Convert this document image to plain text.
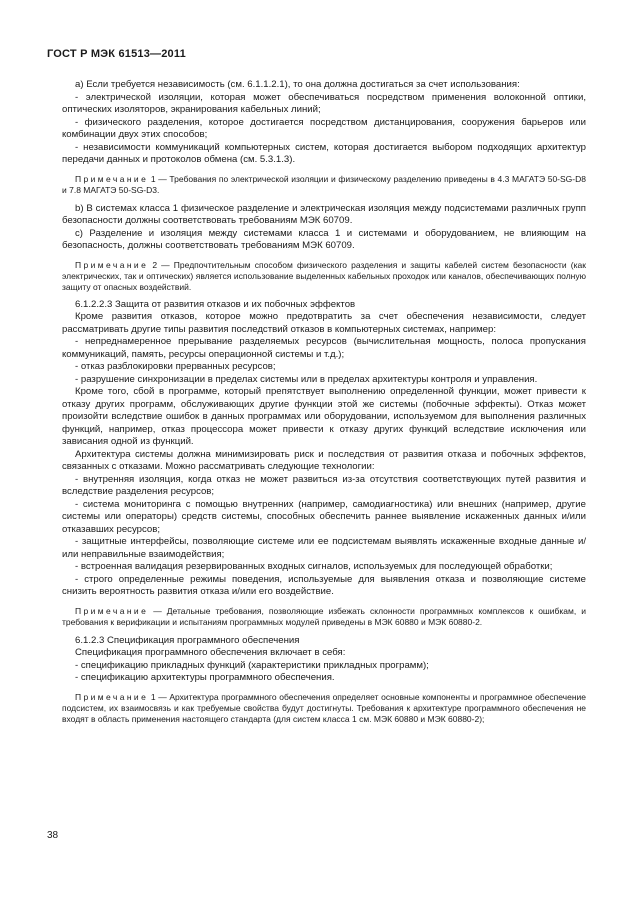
ГОСТ Р МЭК 61513—2011

a) Если требуется независимость (см. 6.1.1.2.1), то она должна достигаться за счет использования:

- электрической изоляции, которая может обеспечиваться посредством применения волоконной оптики, оптических изоляторов, экранирования кабельных линий;

- физического разделения, которое достигается посредством дистанцирования, сооружения барьеров или комбинации двух этих способов;

- независимости коммуникаций компьютерных систем, которая достигается выбором подходящих архитектур передачи данных и протоколов обмена (см. 5.3.1.3).

Примечание 1 — Требования по электрической изоляции и физическому разделению приведены в 4.3 МАГАТЭ 50-SG-D8 и 7.8 МАГАТЭ 50-SG-D3.

b) В системах класса 1 физическое разделение и электрическая изоляция между подсистемами различных групп безопасности должны соответствовать требованиям МЭК 60709.

с) Разделение и изоляция между системами класса 1 и системами и оборудованием, не влияющим на безопасность, должны соответствовать требованиям МЭК 60709.

Примечание 2 — Предпочтительным способом физического разделения и защиты кабелей систем безопасности (как электрических, так и оптических) является использование выделенных кабельных проходок или каналов, обеспечивающих полную защиту от опасных воздействий.

6.1.2.2.3 Защита от развития отказов и их побочных эффектов

Кроме развития отказов, которое можно предотвратить за счет обеспечения независимости, следует рассматривать другие типы развития последствий отказов в компьютерных системах, например:

- непреднамеренное прерывание разделяемых ресурсов (вычислительная мощность, полоса пропускания коммуникаций, память, ресурсы операционной системы и т.д.);

- отказ разблокировки прерванных ресурсов;

- разрушение синхронизации в пределах системы или в пределах архитектуры контроля и управления.

Кроме того, сбой в программе, который препятствует выполнению определенной функции, может привести к отказу других программ, обслуживающих другие функции этой же системы (побочные эффекты). Отказ может произойти вследствие ошибок в данных программах или оборудовании, используемом для выполнения различных функций, например, отказ процессора может привести к отказу других функций вследствие исключения или зависания одной из функций.

Архитектура системы должна минимизировать риск и последствия от развития отказа и побочных эффектов, связанных с отказами. Можно рассматривать следующие технологии:

- внутренняя изоляция, когда отказ не может развиться из-за отсутствия соответствующих путей развития и вследствие разделения ресурсов;

- система мониторинга с помощью внутренних (например, самодиагностика) или внешних (например, другие системы или операторы) средств системы, способных обеспечить раннее выявление искаженных данных и/или отказавших ресурсов;

- защитные интерфейсы, позволяющие системе или ее подсистемам выявлять искаженные входные данные и/или неправильные взаимодействия;

- встроенная валидация резервированных входных сигналов, используемых для последующей обработки;

- строго определенные режимы поведения, используемые для выявления отказа и позволяющие системе снизить вероятность развития отказа и/или его воздействие.

Примечание — Детальные требования, позволяющие избежать склонности программных комплексов к ошибкам, и требования к верификации и испытаниям программных модулей приведены в МЭК 60880 и МЭК 60880-2.

6.1.2.3 Спецификация программного обеспечения

Спецификация программного обеспечения включает в себя:

- спецификацию прикладных функций (характеристики прикладных программ);

- спецификацию архитектуры программного обеспечения.

Примечание 1 — Архитектура программного обеспечения определяет основные компоненты и программное обеспечение подсистем, их взаимосвязь и как требуемые свойства будут достигнуты. Требования к архитектуре программного обеспечения не входят в область применения настоящего стандарта (для систем класса 1 см. МЭК 60880 и МЭК 60880-2);

38
